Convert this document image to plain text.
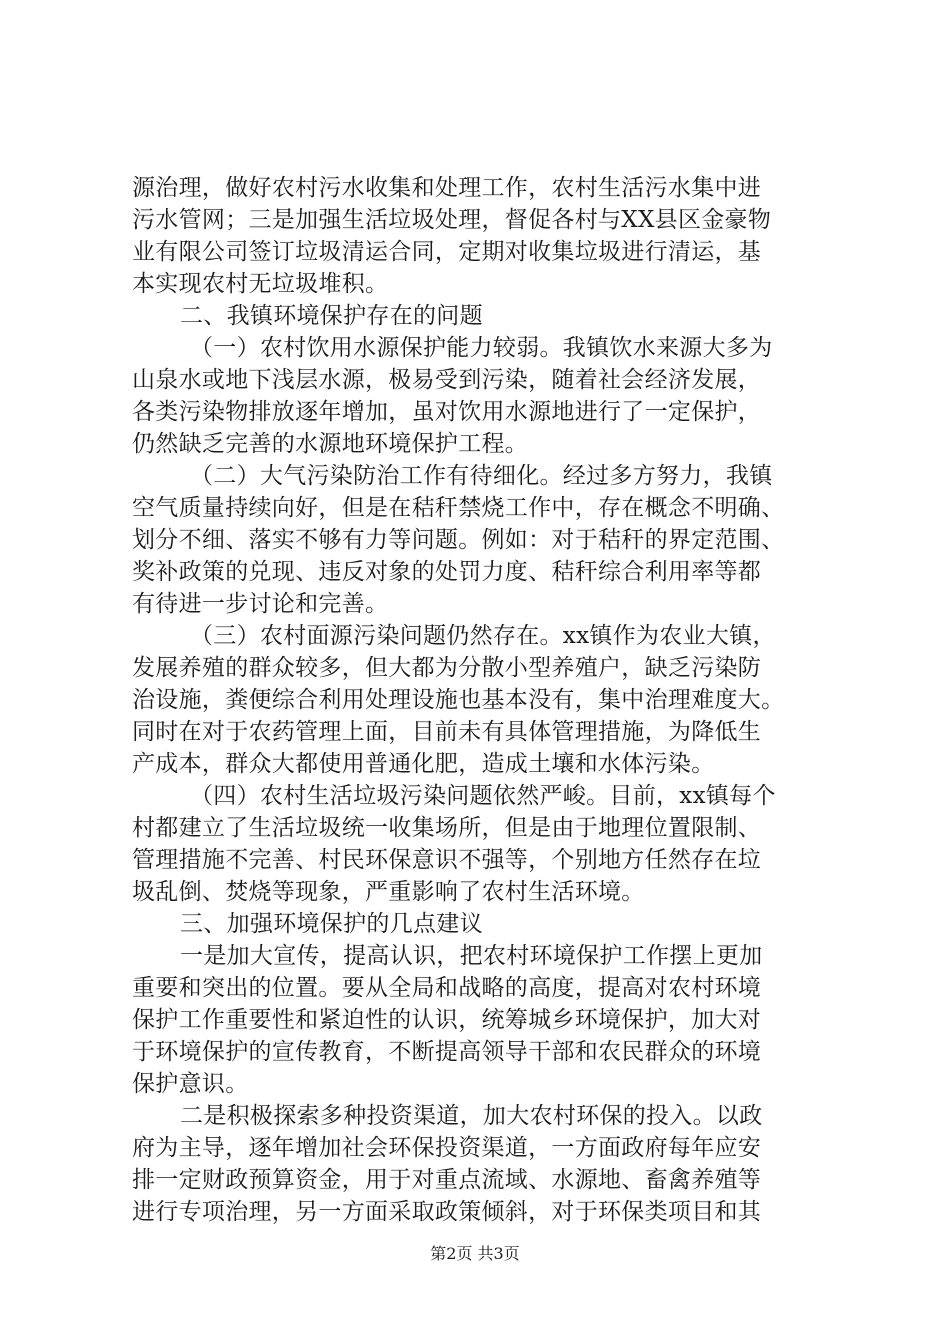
源治理，做好农村污水收集和处理工作，农村生活污水集中进
污水管网；三是加强生活垃圾处理，督促各村与XX县区金豪物
业有限公司签订垃圾清运合同，定期对收集垃圾进行清运，基
本实现农村无垃圾堆积。
二、我镇环境保护存在的问题
（一）农村饮用水源保护能力较弱。我镇饮水来源大多为
山泉水或地下浅层水源，极易受到污染，随着社会经济发展，
各类污染物排放逐年增加，虽对饮用水源地进行了一定保护，
仍然缺乏完善的水源地环境保护工程。
（二）大气污染防治工作有待细化。经过多方努力，我镇
空气质量持续向好，但是在秸秆禁烧工作中，存在概念不明确、
划分不细、落实不够有力等问题。例如：对于秸秆的界定范围、
奖补政策的兑现、违反对象的处罚力度、秸秆综合利用率等都
有待进一步讨论和完善。
（三）农村面源污染问题仍然存在。xx镇作为农业大镇，
发展养殖的群众较多，但大都为分散小型养殖户，缺乏污染防
治设施，粪便综合利用处理设施也基本没有，集中治理难度大。
同时在对于农药管理上面，目前未有具体管理措施，为降低生
产成本，群众大都使用普通化肥，造成土壤和水体污染。
（四）农村生活垃圾污染问题依然严峻。目前，xx镇每个
村都建立了生活垃圾统一收集场所，但是由于地理位置限制、
管理措施不完善、村民环保意识不强等，个别地方任然存在垃
圾乱倒、焚烧等现象，严重影响了农村生活环境。
三、加强环境保护的几点建议
一是加大宣传，提高认识，把农村环境保护工作摆上更加
重要和突出的位置。要从全局和战略的高度，提高对农村环境
保护工作重要性和紧迫性的认识，统筹城乡环境保护，加大对
于环境保护的宣传教育，不断提高领导干部和农民群众的环境
保护意识。
二是积极探索多种投资渠道，加大农村环保的投入。以政
府为主导，逐年增加社会环保投资渠道，一方面政府每年应安
排一定财政预算资金，用于对重点流域、水源地、畜禽养殖等
进行专项治理，另一方面采取政策倾斜，对于环保类项目和其
第2页 共3页
